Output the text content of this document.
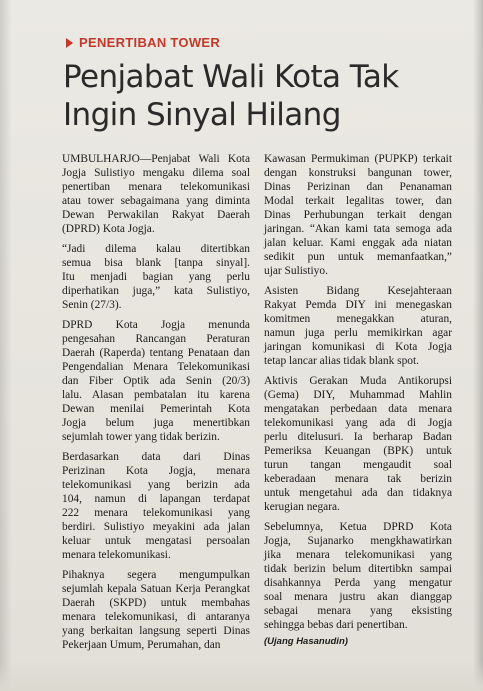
PENERTIBAN TOWER
Penjabat Wali Kota Tak
Ingin Sinyal Hilang

UMBULHARJO—Penjabat Wali Kota
Jogja Sulistiyo mengaku dilema soal
penertiban menara telekomunikasi
atau tower sebagaimana yang diminta
Dewan Perwakilan Rakyat Daerah
(DPRD) Kota Jogja.

“Jadi dilema kalau ditertibkan
semua bisa blank [tanpa sinyal].
Itu menjadi bagian yang perlu
diperhatikan juga,” kata Sulistiyo,
Senin (27/3).

DPRD Kota Jogja menunda
pengesahan Rancangan Peraturan
Daerah (Raperda) tentang Penataan dan
Pengendalian Menara Telekomunikasi
dan Fiber Optik ada Senin (20/3)
lalu. Alasan pembatalan itu karena
Dewan menilai Pemerintah Kota
Jogja belum juga menertibkan
sejumlah tower yang tidak berizin.

Berdasarkan data dari Dinas
Perizinan Kota Jogja, menara
telekomunikasi yang berizin ada
104, namun di lapangan terdapat
222 menara telekomunikasi yang
berdiri. Sulistiyo meyakini ada jalan
keluar untuk mengatasi persoalan
menara telekomunikasi.

Pihaknya segera mengumpulkan
sejumlah kepala Satuan Kerja Perangkat
Daerah (SKPD) untuk membahas
menara telekomunikasi, di antaranya
yang berkaitan langsung seperti Dinas
Pekerjaan Umum, Perumahan, dan

Kawasan Permukiman (PUPKP) terkait
dengan konstruksi bangunan tower,
Dinas Perizinan dan Penanaman
Modal terkait legalitas tower, dan
Dinas Perhubungan terkait dengan
jaringan. “Akan kami tata semoga ada
jalan keluar. Kami enggak ada niatan
sedikit pun untuk memanfaatkan,”
ujar Sulistiyo.

Asisten Bidang Kesejahteraan
Rakyat Pemda DIY ini menegaskan
komitmen menegakkan aturan,
namun juga perlu memikirkan agar
jaringan komunikasi di Kota Jogja
tetap lancar alias tidak blank spot.

Aktivis Gerakan Muda Antikorupsi
(Gema) DIY, Muhammad Mahlin
mengatakan perbedaan data menara
telekomunikasi yang ada di Jogja
perlu ditelusuri. Ia berharap Badan
Pemeriksa Keuangan (BPK) untuk
turun tangan mengaudit soal
keberadaan menara tak berizin
untuk mengetahui ada dan tidaknya
kerugian negara.

Sebelumnya, Ketua DPRD Kota
Jogja, Sujanarko mengkhawatirkan
jika menara telekomunikasi yang
tidak berizin belum ditertibkn sampai
disahkannya Perda yang mengatur
soal menara justru akan dianggap
sebagai menara yang eksisting
sehingga bebas dari penertiban.

(Ujang Hasanudin)
